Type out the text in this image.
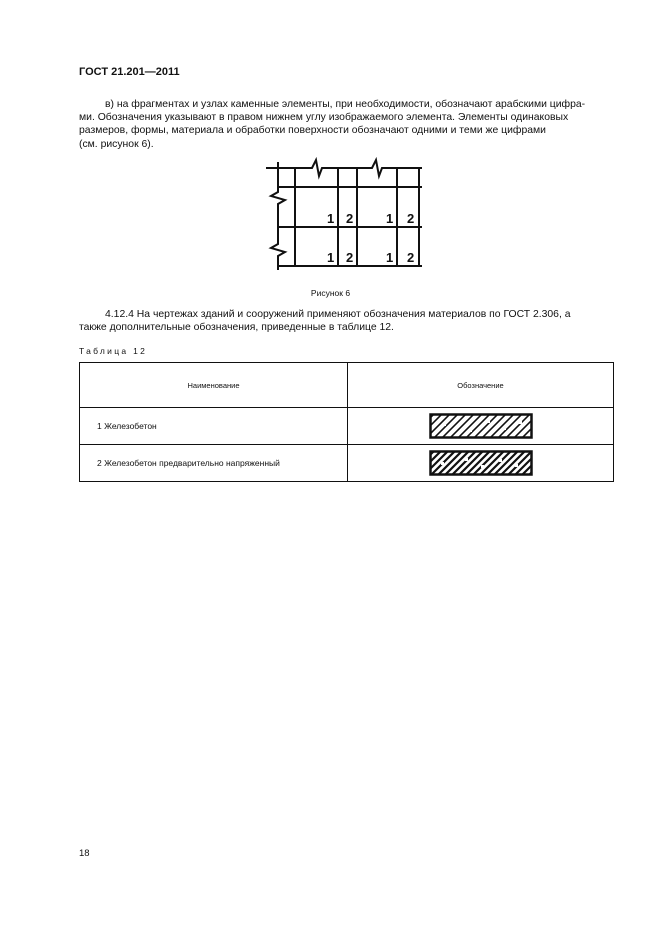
ГОСТ 21.201—2011
в) на фрагментах и узлах каменные элементы, при необходимости, обозначают арабскими цифра-
ми. Обозначения указывают в правом нижнем углу изображаемого элемента. Элементы одинаковых
размеров, формы, материала и обработки поверхности обозначают одними и теми же цифрами
(см. рисунок 6).
1 2	1 2
1 2	1 2
Рисунок 6
4.12.4 На чертежах зданий и сооружений применяют обозначения материалов по ГОСТ 2.306, а
также дополнительные обозначения, приведенные в таблице 12.
Таблица 12
Наименование	Обозначение
1 Железобетон	

2 Железобетон предварительно напряженный	
18
